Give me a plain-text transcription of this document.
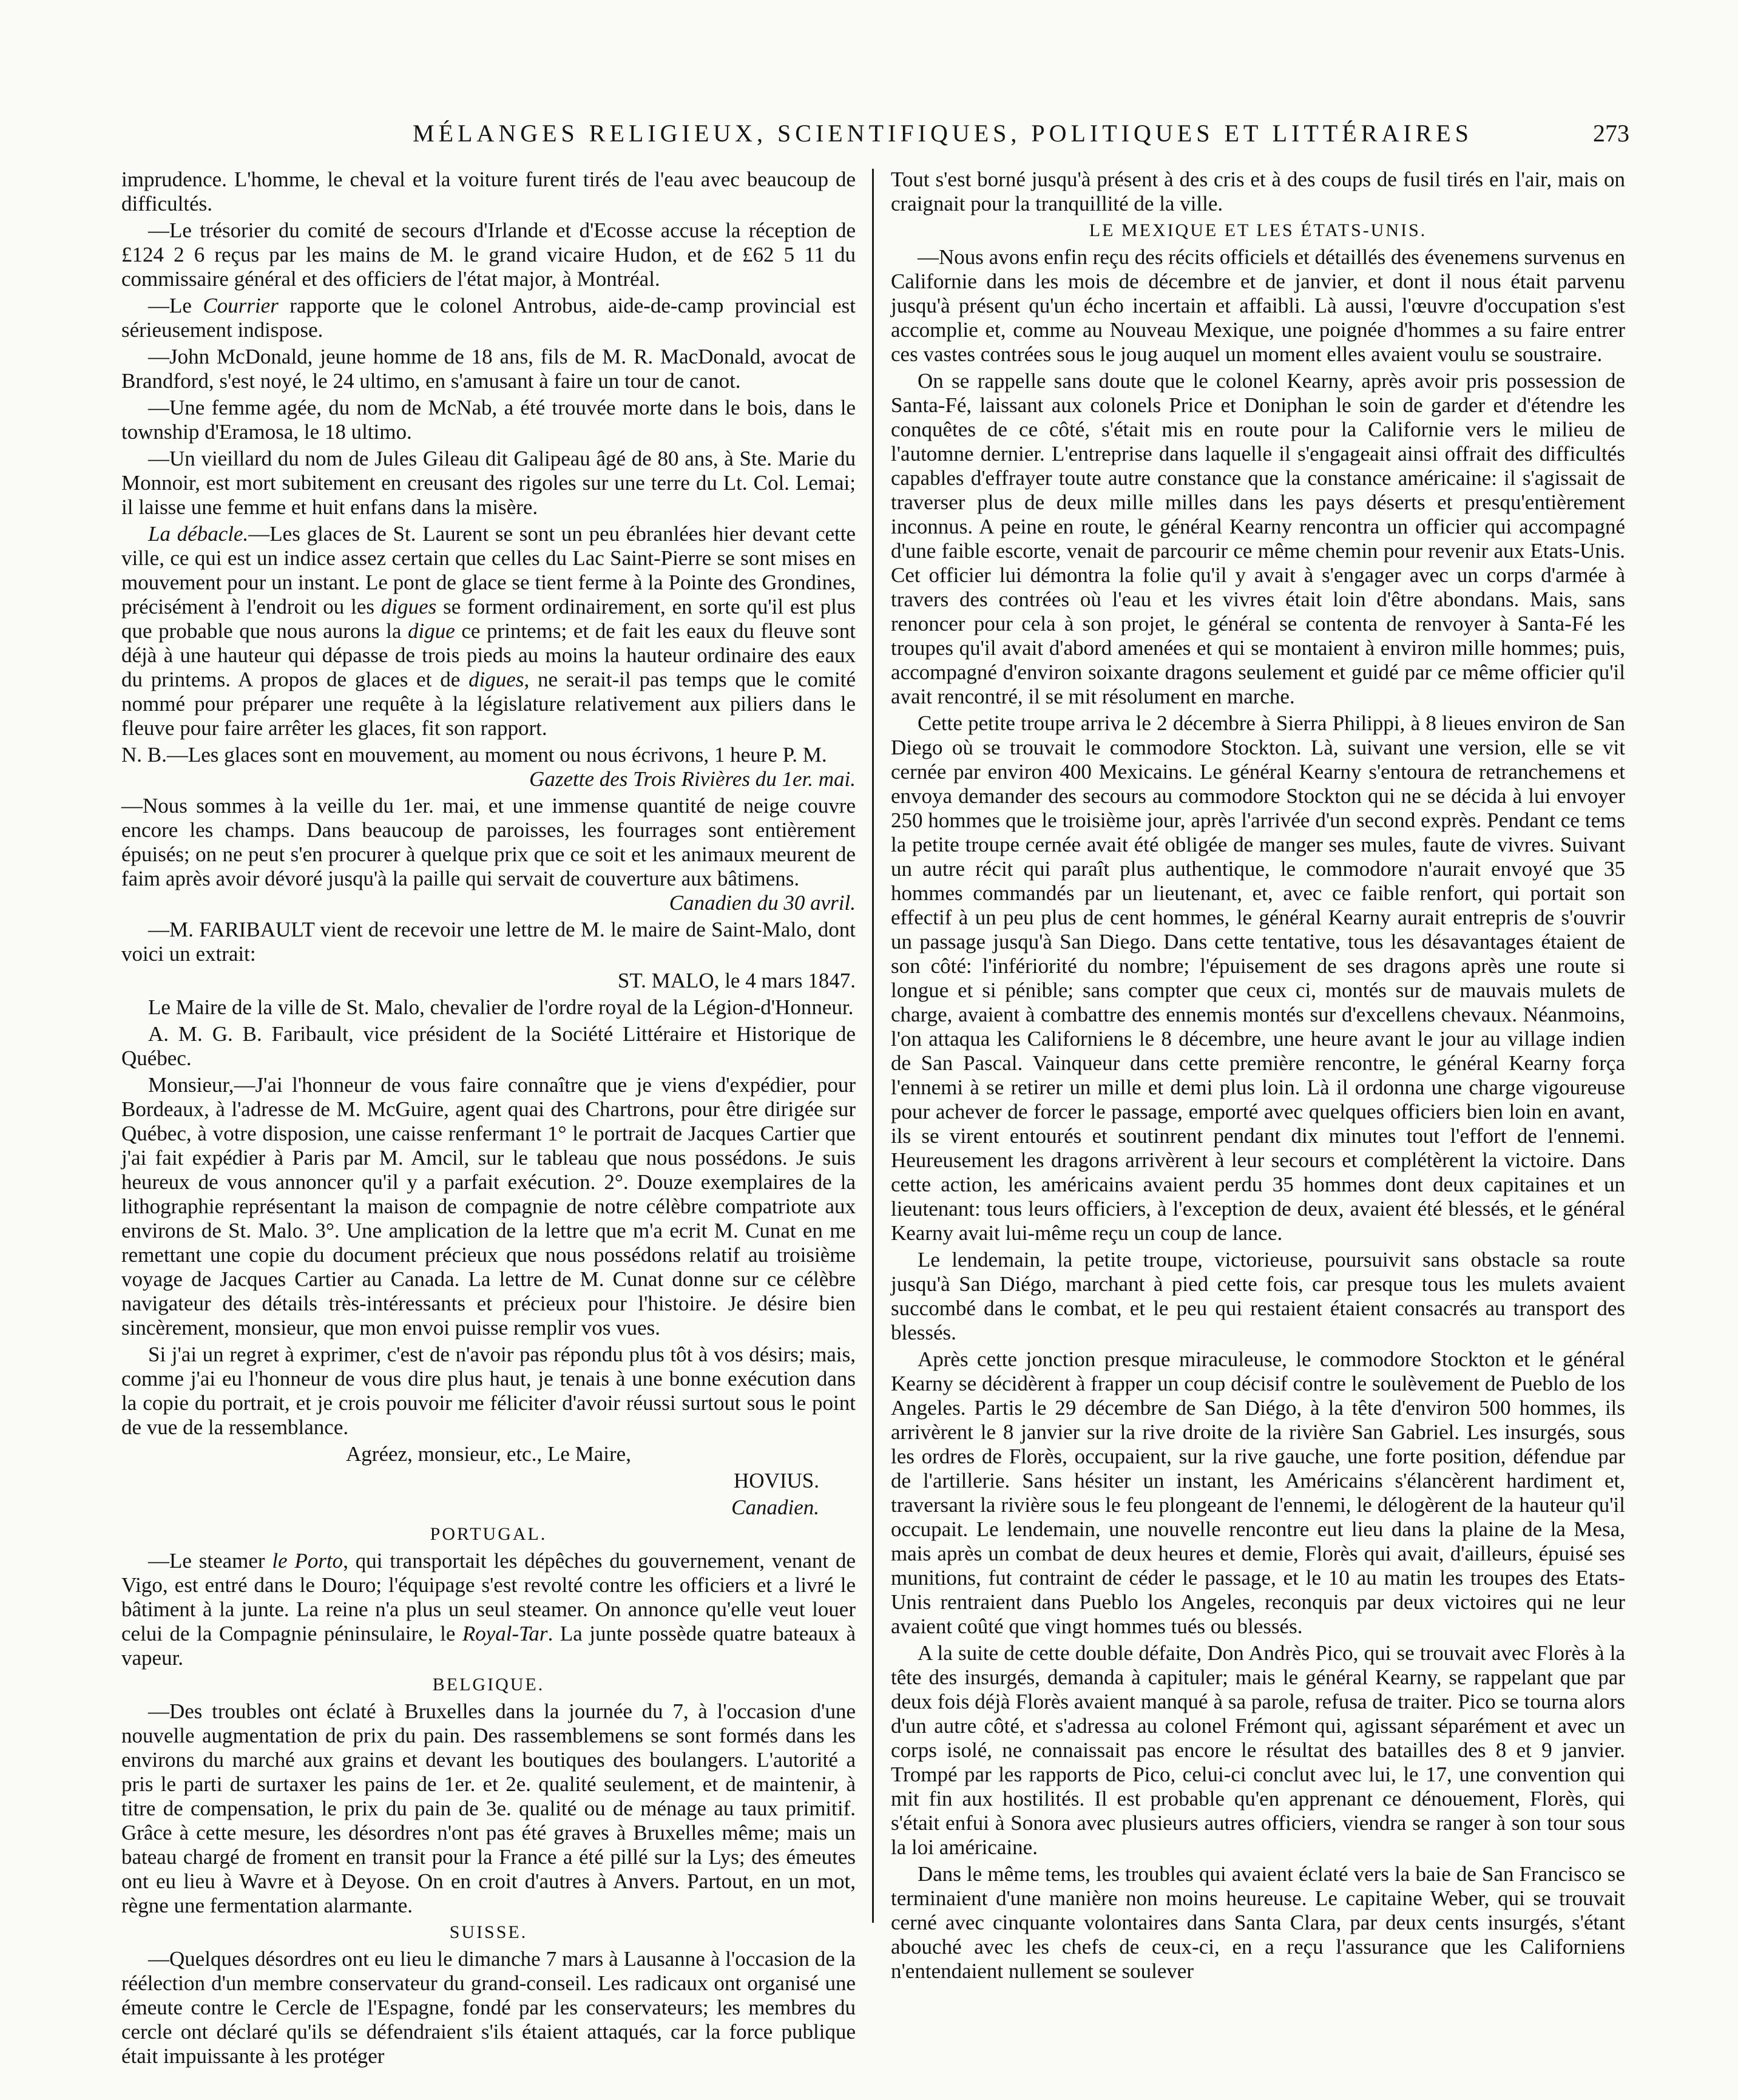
MÉLANGES RELIGIEUX, SCIENTIFIQUES, POLITIQUES ET LITTÉRAIRES	273

imprudence. L'homme, le cheval et la voiture furent tirés de l'eau avec beaucoup de difficultés.

—Le trésorier du comité de secours d'Irlande et d'Ecosse accuse la réception de £124 2 6 reçus par les mains de M. le grand vicaire Hudon, et de £62 5 11 du commissaire général et des officiers de l'état major, à Montréal.

—Le Courrier rapporte que le colonel Antrobus, aide-de-camp provincial est sérieusement indispose.

—John McDonald, jeune homme de 18 ans, fils de M. R. MacDonald, avocat de Brandford, s'est noyé, le 24 ultimo, en s'amusant à faire un tour de canot.

—Une femme agée, du nom de McNab, a été trouvée morte dans le bois, dans le township d'Eramosa, le 18 ultimo.

—Un vieillard du nom de Jules Gileau dit Galipeau âgé de 80 ans, à Ste. Marie du Monnoir, est mort subitement en creusant des rigoles sur une terre du Lt. Col. Lemai; il laisse une femme et huit enfans dans la misère.

La débacle.—Les glaces de St. Laurent se sont un peu ébranlées hier devant cette ville, ce qui est un indice assez certain que celles du Lac Saint-Pierre se sont mises en mouvement pour un instant. Le pont de glace se tient ferme à la Pointe des Grondines, précisément à l'endroit ou les digues se forment ordinairement, en sorte qu'il est plus que probable que nous aurons la digue ce printems; et de fait les eaux du fleuve sont déjà à une hauteur qui dépasse de trois pieds au moins la hauteur ordinaire des eaux du printems. A propos de glaces et de digues, ne serait-il pas temps que le comité nommé pour préparer une requête à la législature relativement aux piliers dans le fleuve pour faire arrêter les glaces, fit son rapport.

N. B.—Les glaces sont en mouvement, au moment ou nous écrivons, 1 heure P. M.
Gazette des Trois Rivières du 1er. mai.

—Nous sommes à la veille du 1er. mai, et une immense quantité de neige couvre encore les champs. Dans beaucoup de paroisses, les fourrages sont entièrement épuisés; on ne peut s'en procurer à quelque prix que ce soit et les animaux meurent de faim après avoir dévoré jusqu'à la paille qui servait de couverture aux bâtimens.
Canadien du 30 avril.

—M. FARIBAULT vient de recevoir une lettre de M. le maire de Saint-Malo, dont voici un extrait:

ST. MALO, le 4 mars 1847.

Le Maire de la ville de St. Malo, chevalier de l'ordre royal de la Légion-d'Honneur.

A. M. G. B. Faribault, vice président de la Société Littéraire et Historique de Québec.

Monsieur,—J'ai l'honneur de vous faire connaître que je viens d'expédier, pour Bordeaux, à l'adresse de M. McGuire, agent quai des Chartrons, pour être dirigée sur Québec, à votre disposion, une caisse renfermant 1° le portrait de Jacques Cartier que j'ai fait expédier à Paris par M. Amcil, sur le tableau que nous possédons. Je suis heureux de vous annoncer qu'il y a parfait exécution. 2°. Douze exemplaires de la lithographie représentant la maison de compagnie de notre célèbre compatriote aux environs de St. Malo. 3°. Une amplication de la lettre que m'a ecrit M. Cunat en me remettant une copie du document précieux que nous possédons relatif au troisième voyage de Jacques Cartier au Canada. La lettre de M. Cunat donne sur ce célèbre navigateur des détails très-intéressants et précieux pour l'histoire. Je désire bien sincèrement, monsieur, que mon envoi puisse remplir vos vues.

Si j'ai un regret à exprimer, c'est de n'avoir pas répondu plus tôt à vos désirs; mais, comme j'ai eu l'honneur de vous dire plus haut, je tenais à une bonne exécution dans la copie du portrait, et je crois pouvoir me féliciter d'avoir réussi surtout sous le point de vue de la ressemblance.

Agréez, monsieur, etc., Le Maire,

HOVIUS.

Canadien.

PORTUGAL.

—Le steamer le Porto, qui transportait les dépêches du gouvernement, venant de Vigo, est entré dans le Douro; l'équipage s'est revolté contre les officiers et a livré le bâtiment à la junte. La reine n'a plus un seul steamer. On annonce qu'elle veut louer celui de la Compagnie péninsulaire, le Royal-Tar. La junte possède quatre bateaux à vapeur.

BELGIQUE.

—Des troubles ont éclaté à Bruxelles dans la journée du 7, à l'occasion d'une nouvelle augmentation de prix du pain. Des rassemblemens se sont formés dans les environs du marché aux grains et devant les boutiques des boulangers. L'autorité a pris le parti de surtaxer les pains de 1er. et 2e. qualité seulement, et de maintenir, à titre de compensation, le prix du pain de 3e. qualité ou de ménage au taux primitif. Grâce à cette mesure, les désordres n'ont pas été graves à Bruxelles même; mais un bateau chargé de froment en transit pour la France a été pillé sur la Lys; des émeutes ont eu lieu à Wavre et à Deyose. On en croit d'autres à Anvers. Partout, en un mot, règne une fermentation alarmante.

SUISSE.

—Quelques désordres ont eu lieu le dimanche 7 mars à Lausanne à l'occasion de la réélection d'un membre conservateur du grand-conseil. Les radicaux ont organisé une émeute contre le Cercle de l'Espagne, fondé par les conservateurs; les membres du cercle ont déclaré qu'ils se défendraient s'ils étaient attaqués, car la force publique était impuissante à les protéger

Tout s'est borné jusqu'à présent à des cris et à des coups de fusil tirés en l'air, mais on craignait pour la tranquillité de la ville.

LE MEXIQUE ET LES ÉTATS-UNIS.

—Nous avons enfin reçu des récits officiels et détaillés des évenemens survenus en Californie dans les mois de décembre et de janvier, et dont il nous était parvenu jusqu'à présent qu'un écho incertain et affaibli. Là aussi, l'œuvre d'occupation s'est accomplie et, comme au Nouveau Mexique, une poignée d'hommes a su faire entrer ces vastes contrées sous le joug auquel un moment elles avaient voulu se soustraire.

On se rappelle sans doute que le colonel Kearny, après avoir pris possession de Santa-Fé, laissant aux colonels Price et Doniphan le soin de garder et d'étendre les conquêtes de ce côté, s'était mis en route pour la Californie vers le milieu de l'automne dernier. L'entreprise dans laquelle il s'engageait ainsi offrait des difficultés capables d'effrayer toute autre constance que la constance américaine: il s'agissait de traverser plus de deux mille milles dans les pays déserts et presqu'entièrement inconnus. A peine en route, le général Kearny rencontra un officier qui accompagné d'une faible escorte, venait de parcourir ce même chemin pour revenir aux Etats-Unis. Cet officier lui démontra la folie qu'il y avait à s'engager avec un corps d'armée à travers des contrées où l'eau et les vivres était loin d'être abondans. Mais, sans renoncer pour cela à son projet, le général se contenta de renvoyer à Santa-Fé les troupes qu'il avait d'abord amenées et qui se montaient à environ mille hommes; puis, accompagné d'environ soixante dragons seulement et guidé par ce même officier qu'il avait rencontré, il se mit résolument en marche.

Cette petite troupe arriva le 2 décembre à Sierra Philippi, à 8 lieues environ de San Diego où se trouvait le commodore Stockton. Là, suivant une version, elle se vit cernée par environ 400 Mexicains. Le général Kearny s'entoura de retranchemens et envoya demander des secours au commodore Stockton qui ne se décida à lui envoyer 250 hommes que le troisième jour, après l'arrivée d'un second exprès. Pendant ce tems la petite troupe cernée avait été obligée de manger ses mules, faute de vivres. Suivant un autre récit qui paraît plus authentique, le commodore n'aurait envoyé que 35 hommes commandés par un lieutenant, et, avec ce faible renfort, qui portait son effectif à un peu plus de cent hommes, le général Kearny aurait entrepris de s'ouvrir un passage jusqu'à San Diego. Dans cette tentative, tous les désavantages étaient de son côté: l'infériorité du nombre; l'épuisement de ses dragons après une route si longue et si pénible; sans compter que ceux ci, montés sur de mauvais mulets de charge, avaient à combattre des ennemis montés sur d'excellens chevaux. Néanmoins, l'on attaqua les Californiens le 8 décembre, une heure avant le jour au village indien de San Pascal. Vainqueur dans cette première rencontre, le général Kearny força l'ennemi à se retirer un mille et demi plus loin. Là il ordonna une charge vigoureuse pour achever de forcer le passage, emporté avec quelques officiers bien loin en avant, ils se virent entourés et soutinrent pendant dix minutes tout l'effort de l'ennemi. Heureusement les dragons arrivèrent à leur secours et complétèrent la victoire. Dans cette action, les américains avaient perdu 35 hommes dont deux capitaines et un lieutenant: tous leurs officiers, à l'exception de deux, avaient été blessés, et le général Kearny avait lui-même reçu un coup de lance.

Le lendemain, la petite troupe, victorieuse, poursuivit sans obstacle sa route jusqu'à San Diégo, marchant à pied cette fois, car presque tous les mulets avaient succombé dans le combat, et le peu qui restaient étaient consacrés au transport des blessés.

Après cette jonction presque miraculeuse, le commodore Stockton et le général Kearny se décidèrent à frapper un coup décisif contre le soulèvement de Pueblo de los Angeles. Partis le 29 décembre de San Diégo, à la tête d'environ 500 hommes, ils arrivèrent le 8 janvier sur la rive droite de la rivière San Gabriel. Les insurgés, sous les ordres de Florès, occupaient, sur la rive gauche, une forte position, défendue par de l'artillerie. Sans hésiter un instant, les Américains s'élancèrent hardiment et, traversant la rivière sous le feu plongeant de l'ennemi, le délogèrent de la hauteur qu'il occupait. Le lendemain, une nouvelle rencontre eut lieu dans la plaine de la Mesa, mais après un combat de deux heures et demie, Florès qui avait, d'ailleurs, épuisé ses munitions, fut contraint de céder le passage, et le 10 au matin les troupes des Etats-Unis rentraient dans Pueblo los Angeles, reconquis par deux victoires qui ne leur avaient coûté que vingt hommes tués ou blessés.

A la suite de cette double défaite, Don Andrès Pico, qui se trouvait avec Florès à la tête des insurgés, demanda à capituler; mais le général Kearny, se rappelant que par deux fois déjà Florès avaient manqué à sa parole, refusa de traiter. Pico se tourna alors d'un autre côté, et s'adressa au colonel Frémont qui, agissant séparément et avec un corps isolé, ne connaissait pas encore le résultat des batailles des 8 et 9 janvier. Trompé par les rapports de Pico, celui-ci conclut avec lui, le 17, une convention qui mit fin aux hostilités. Il est probable qu'en apprenant ce dénouement, Florès, qui s'était enfui à Sonora avec plusieurs autres officiers, viendra se ranger à son tour sous la loi américaine.

Dans le même tems, les troubles qui avaient éclaté vers la baie de San Francisco se terminaient d'une manière non moins heureuse. Le capitaine Weber, qui se trouvait cerné avec cinquante volontaires dans Santa Clara, par deux cents insurgés, s'étant abouché avec les chefs de ceux-ci, en a reçu l'assurance que les Californiens n'entendaient nullement se soulever
